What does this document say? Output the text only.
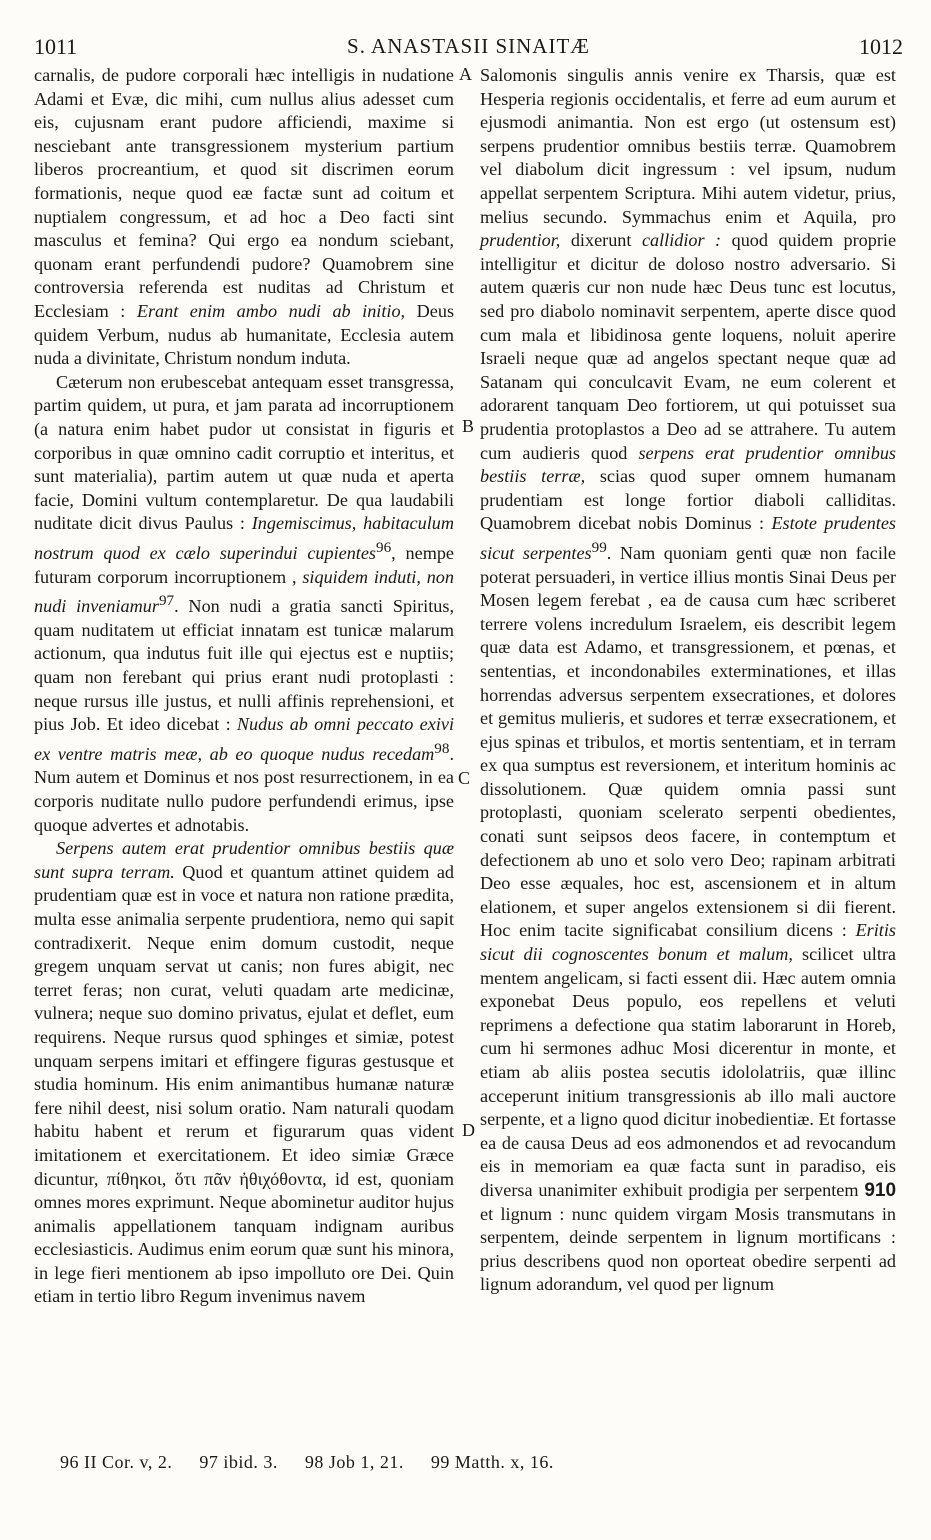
1011	S. ANASTASII SINAITÆ	1012
A
B
C
D

carnalis, de pudore corporali hæc intelligis in nudatione Adami et Evæ, dic mihi, cum nullus alius adesset cum eis, cujusnam erant pudore afficiendi, maxime si nesciebant ante transgressionem mysterium partium liberos procreantium, et quod sit discrimen eorum formationis, neque quod eæ factæ sunt ad coitum et nuptialem congressum, et ad hoc a Deo facti sint masculus et femina? Qui ergo ea nondum sciebant, quonam erant perfundendi pudore? Quamobrem sine controversia referenda est nuditas ad Christum et Ecclesiam : Erant enim ambo nudi ab initio, Deus quidem Verbum, nudus ab humanitate, Ecclesia autem nuda a divinitate, Christum nondum induta.

Cæterum non erubescebat antequam esset transgressa, partim quidem, ut pura, et jam parata ad incorruptionem (a natura enim habet pudor ut consistat in figuris et corporibus in quæ omnino cadit corruptio et interitus, et sunt materialia), partim autem ut quæ nuda et aperta facie, Domini vultum contemplaretur. De qua laudabili nuditate dicit divus Paulus : Ingemiscimus, habitaculum nostrum quod ex cælo superindui cupientes$^{96}$, nempe futuram corporum incorruptionem , siquidem induti, non nudi inveniamur$^{97}$. Non nudi a gratia sancti Spiritus, quam nuditatem ut efficiat innatam est tunicæ malarum actionum, qua indutus fuit ille qui ejectus est e nuptiis; quam non ferebant qui prius erant nudi protoplasti : neque rursus ille justus, et nulli affinis reprehensioni, et pius Job. Et ideo dicebat : Nudus ab omni peccato exivi ex ventre matris meæ, ab eo quoque nudus recedam$^{98}$. Num autem et Dominus et nos post resurrectionem, in ea corporis nuditate nullo pudore perfundendi erimus, ipse quoque advertes et adnotabis.

Serpens autem erat prudentior omnibus bestiis quæ sunt supra terram. Quod et quantum attinet quidem ad prudentiam quæ est in voce et natura non ratione prædita, multa esse animalia serpente prudentiora, nemo qui sapit contradixerit. Neque enim domum custodit, neque gregem unquam servat ut canis; non fures abigit, nec terret feras; non curat, veluti quadam arte medicinæ, vulnera; neque suo domino privatus, ejulat et deflet, eum requirens. Neque rursus quod sphinges et simiæ, potest unquam serpens imitari et effingere figuras gestusque et studia hominum. His enim animantibus humanæ naturæ fere nihil deest, nisi solum oratio. Nam naturali quodam habitu habent et rerum et figurarum quas vident imitationem et exercitationem. Et ideo simiæ Græce dicuntur, πίθηκοι, ὅτι πᾶν ἠθιχόθοντα, id est, quoniam omnes mores exprimunt. Neque abominetur auditor hujus animalis appellationem tanquam indignam auribus ecclesiasticis. Audimus enim eorum quæ sunt his minora, in lege fieri mentionem ab ipso impolluto ore Dei. Quin etiam in tertio libro Regum invenimus navem

Salomonis singulis annis venire ex Tharsis, quæ est Hesperia regionis occidentalis, et ferre ad eum aurum et ejusmodi animantia. Non est ergo (ut ostensum est) serpens prudentior omnibus bestiis terræ. Quamobrem vel diabolum dicit ingressum : vel ipsum, nudum appellat serpentem Scriptura. Mihi autem videtur, prius, melius secundo. Symmachus enim et Aquila, pro prudentior, dixerunt callidior : quod quidem proprie intelligitur et dicitur de doloso nostro adversario. Si autem quæris cur non nude hæc Deus tunc est locutus, sed pro diabolo nominavit serpentem, aperte disce quod cum mala et libidinosa gente loquens, noluit aperire Israeli neque quæ ad angelos spectant neque quæ ad Satanam qui conculcavit Evam, ne eum colerent et adorarent tanquam Deo fortiorem, ut qui potuisset sua prudentia protoplastos a Deo ad se attrahere. Tu autem cum audieris quod serpens erat prudentior omnibus bestiis terræ, scias quod super omnem humanam prudentiam est longe fortior diaboli calliditas. Quamobrem dicebat nobis Dominus : Estote prudentes sicut serpentes$^{99}$. Nam quoniam genti quæ non facile poterat persuaderi, in vertice illius montis Sinai Deus per Mosen legem ferebat , ea de causa cum hæc scriberet terrere volens incredulum Israelem, eis describit legem quæ data est Adamo, et transgressionem, et pœnas, et sententias, et incondonabiles exterminationes, et illas horrendas adversus serpentem exsecrationes, et dolores et gemitus mulieris, et sudores et terræ exsecrationem, et ejus spinas et tribulos, et mortis sententiam, et in terram ex qua sumptus est reversionem, et interitum hominis ac dissolutionem. Quæ quidem omnia passi sunt protoplasti, quoniam scelerato serpenti obedientes, conati sunt seipsos deos facere, in contemptum et defectionem ab uno et solo vero Deo; rapinam arbitrati Deo esse æquales, hoc est, ascensionem et in altum elationem, et super angelos extensionem si dii fierent. Hoc enim tacite significabat consilium dicens : Eritis sicut dii cognoscentes bonum et malum, scilicet ultra mentem angelicam, si facti essent dii. Hæc autem omnia exponebat Deus populo, eos repellens et veluti reprimens a defectione qua statim laborarunt in Horeb, cum hi sermones adhuc Mosi dicerentur in monte, et etiam ab aliis postea secutis idololatriis, quæ illinc acceperunt initium transgressionis ab illo mali auctore serpente, et a ligno quod dicitur inobedientiæ. Et fortasse ea de causa Deus ad eos admonendos et ad revocandum eis in memoriam ea quæ facta sunt in paradiso, eis diversa unanimiter exhibuit prodigia per serpentem 910 et lignum : nunc quidem virgam Mosis transmutans in serpentem, deinde serpentem in lignum mortificans : prius describens quod non oporteat obedire serpenti ad lignum adorandum, vel quod per lignum

96 II Cor. v, 2. 97 ibid. 3. 98 Job 1, 21. 99 Matth. x, 16.
